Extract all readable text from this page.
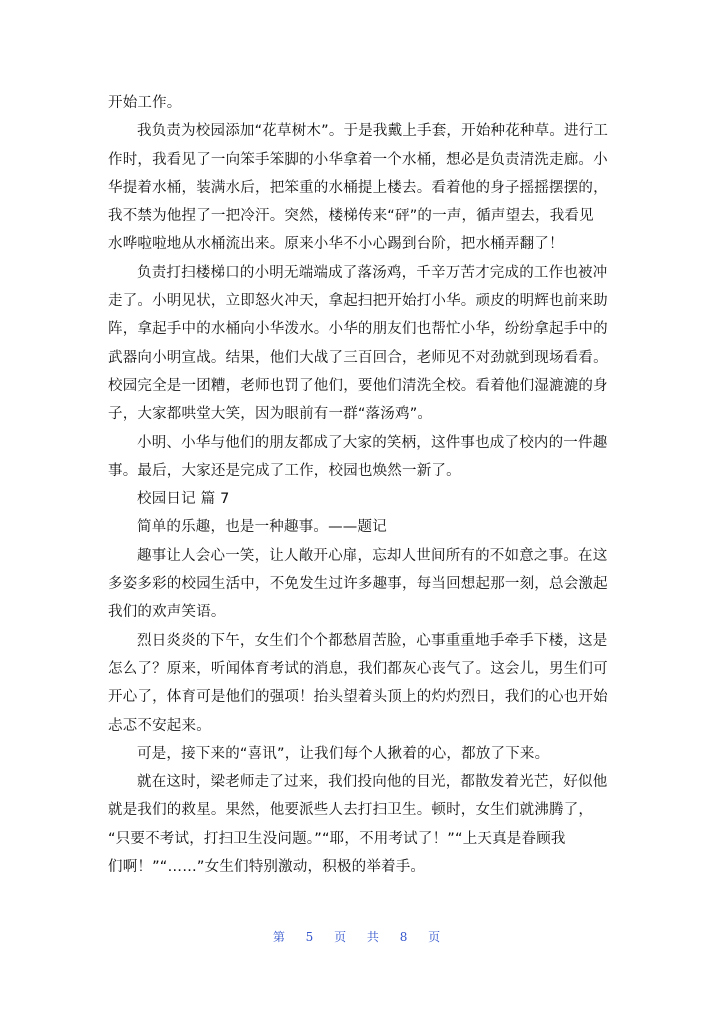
开始工作。
我负责为校园添加“花草树木”。于是我戴上手套，开始种花种草。进行工
作时，我看见了一向笨手笨脚的小华拿着一个水桶，想必是负责清洗走廊。小
华提着水桶，装满水后，把笨重的水桶提上楼去。看着他的身子摇摇摆摆的，
我不禁为他捏了一把冷汗。突然，楼梯传来“砰”的一声，循声望去，我看见
水哗啦啦地从水桶流出来。原来小华不小心踢到台阶，把水桶弄翻了！
负责打扫楼梯口的小明无端端成了落汤鸡，千辛万苦才完成的工作也被冲
走了。小明见状，立即怒火冲天，拿起扫把开始打小华。顽皮的明辉也前来助
阵，拿起手中的水桶向小华泼水。小华的朋友们也帮忙小华，纷纷拿起手中的
武器向小明宣战。结果，他们大战了三百回合，老师见不对劲就到现场看看。
校园完全是一团糟，老师也罚了他们，要他们清洗全校。看着他们湿漉漉的身
子，大家都哄堂大笑，因为眼前有一群“落汤鸡”。
小明、小华与他们的朋友都成了大家的笑柄，这件事也成了校内的一件趣
事。最后，大家还是完成了工作，校园也焕然一新了。
校园日记 篇 7
简单的乐趣，也是一种趣事。——题记
趣事让人会心一笑，让人敞开心扉，忘却人世间所有的不如意之事。在这
多姿多彩的校园生活中，不免发生过许多趣事，每当回想起那一刻，总会激起
我们的欢声笑语。
烈日炎炎的下午，女生们个个都愁眉苦脸，心事重重地手牵手下楼，这是
怎么了？原来，听闻体育考试的消息，我们都灰心丧气了。这会儿，男生们可
开心了，体育可是他们的强项！抬头望着头顶上的灼灼烈日，我们的心也开始
忐忑不安起来。
可是，接下来的“喜讯”，让我们每个人揪着的心，都放了下来。
就在这时，梁老师走了过来，我们投向他的目光，都散发着光芒，好似他
就是我们的救星。果然，他要派些人去打扫卫生。顿时，女生们就沸腾了，
“只要不考试，打扫卫生没问题。”“耶，不用考试了！”“上天真是眷顾我
们啊！”“……”女生们特别激动，积极的举着手。
第 5 页 共 8 页
